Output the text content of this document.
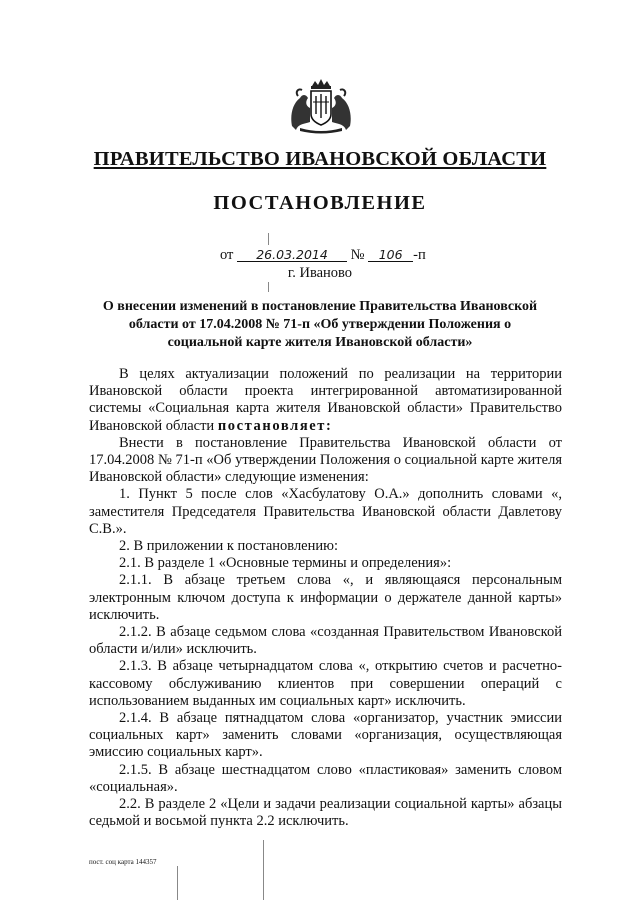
ПРАВИТЕЛЬСТВО ИВАНОВСКОЙ ОБЛАСТИ
ПОСТАНОВЛЕНИЕ
от 26.03.2014 № 106 -п
г. Иваново
О внесении изменений в постановление Правительства Ивановской области от 17.04.2008 № 71-п «Об утверждении Положения о социальной карте жителя Ивановской области»

В целях актуализации положений по реализации на территории Ивановской области проекта интегрированной автоматизированной системы «Социальная карта жителя Ивановской области» Правительство Ивановской области постановляет:

Внести в постановление Правительства Ивановской области от 17.04.2008 № 71-п «Об утверждении Положения о социальной карте жителя Ивановской области» следующие изменения:

1. Пункт 5 после слов «Хасбулатову О.А.» дополнить словами «, заместителя Председателя Правительства Ивановской области Давлетову С.В.».

2. В приложении к постановлению:

2.1. В разделе 1 «Основные термины и определения»:

2.1.1. В абзаце третьем слова «, и являющаяся персональным электронным ключом доступа к информации о держателе данной карты» исключить.

2.1.2. В абзаце седьмом слова «созданная Правительством Ивановской области и/или» исключить.

2.1.3. В абзаце четырнадцатом слова «, открытию счетов и расчетно-кассовому обслуживанию клиентов при совершении операций с использованием выданных им социальных карт» исключить.

2.1.4. В абзаце пятнадцатом слова «организатор, участник эмиссии социальных карт» заменить словами «организация, осуществляющая эмиссию социальных карт».

2.1.5. В абзаце шестнадцатом слово «пластиковая» заменить словом «социальная».

2.2. В разделе 2 «Цели и задачи реализации социальной карты» абзацы седьмой и восьмой пункта 2.2 исключить.

пост. соц карта 144357
